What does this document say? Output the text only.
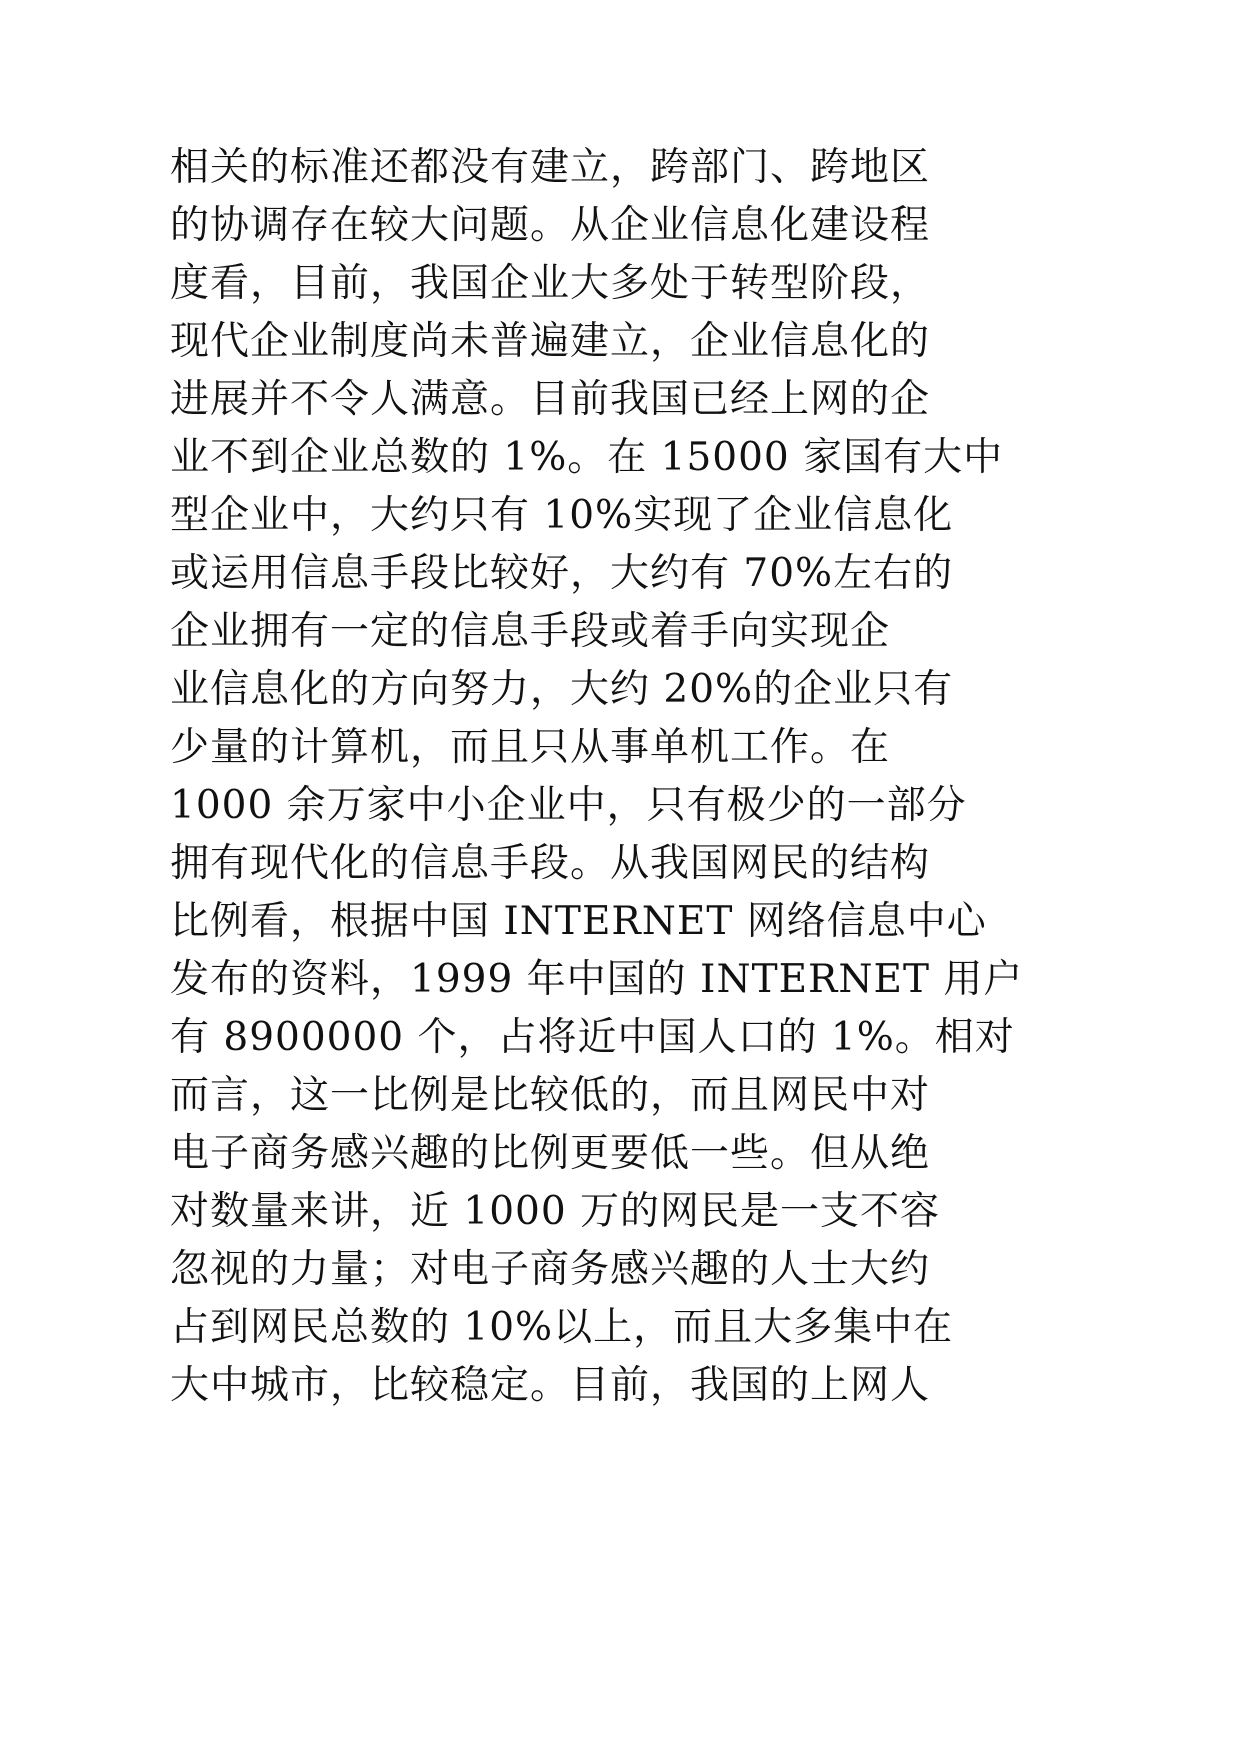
相关的标准还都没有建立，跨部门、跨地区
的协调存在较大问题。从企业信息化建设程
度看，目前，我国企业大多处于转型阶段，
现代企业制度尚未普遍建立，企业信息化的
进展并不令人满意。目前我国已经上网的企
业不到企业总数的 1%。在 15000 家国有大中
型企业中，大约只有 10%实现了企业信息化
或运用信息手段比较好，大约有 70%左右的
企业拥有一定的信息手段或着手向实现企
业信息化的方向努力，大约 20%的企业只有
少量的计算机，而且只从事单机工作。在
1000 余万家中小企业中，只有极少的一部分
拥有现代化的信息手段。从我国网民的结构
比例看，根据中国 INTERNET 网络信息中心
发布的资料，1999 年中国的 INTERNET 用户
有 8900000 个，占将近中国人口的 1%。相对
而言，这一比例是比较低的，而且网民中对
电子商务感兴趣的比例更要低一些。但从绝
对数量来讲，近 1000 万的网民是一支不容
忽视的力量；对电子商务感兴趣的人士大约
占到网民总数的 10%以上，而且大多集中在
大中城市，比较稳定。目前，我国的上网人
